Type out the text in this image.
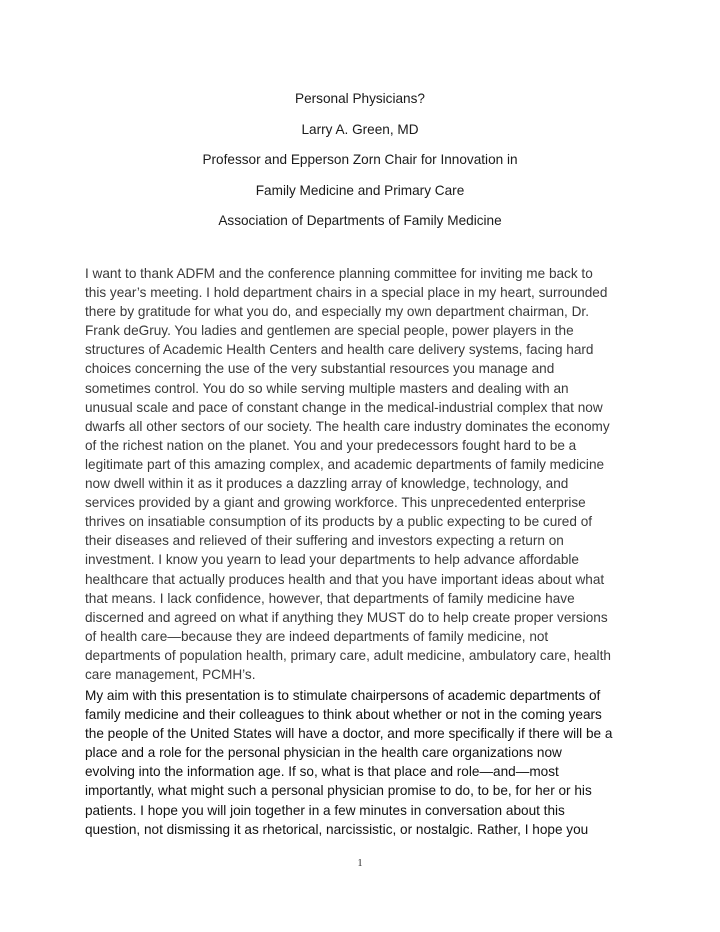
Personal Physicians?
Larry A. Green, MD
Professor and Epperson Zorn Chair for Innovation in
Family Medicine and Primary Care
Association of Departments of Family Medicine
I want to thank ADFM and the conference planning committee for inviting me back to
this year’s meeting. I hold department chairs in a special place in my heart, surrounded
there by gratitude for what you do, and especially my own department chairman, Dr.
Frank deGruy. You ladies and gentlemen are special people, power players in the
structures of Academic Health Centers and health care delivery systems, facing hard
choices concerning the use of the very substantial resources you manage and
sometimes control. You do so while serving multiple masters and dealing with an
unusual scale and pace of constant change in the medical-industrial complex that now
dwarfs all other sectors of our society. The health care industry dominates the economy
of the richest nation on the planet. You and your predecessors fought hard to be a
legitimate part of this amazing complex, and academic departments of family medicine
now dwell within it as it produces a dazzling array of knowledge, technology, and
services provided by a giant and growing workforce. This unprecedented enterprise
thrives on insatiable consumption of its products by a public expecting to be cured of
their diseases and relieved of their suffering and investors expecting a return on
investment. I know you yearn to lead your departments to help advance affordable
healthcare that actually produces health and that you have important ideas about what
that means. I lack confidence, however, that departments of family medicine have
discerned and agreed on what if anything they MUST do to help create proper versions
of health care—because they are indeed departments of family medicine, not
departments of population health, primary care, adult medicine, ambulatory care, health
care management, PCMH’s.
My aim with this presentation is to stimulate chairpersons of academic departments of
family medicine and their colleagues to think about whether or not in the coming years
the people of the United States will have a doctor, and more specifically if there will be a
place and a role for the personal physician in the health care organizations now
evolving into the information age. If so, what is that place and role—and—most
importantly, what might such a personal physician promise to do, to be, for her or his
patients. I hope you will join together in a few minutes in conversation about this
question, not dismissing it as rhetorical, narcissistic, or nostalgic. Rather, I hope you
1
